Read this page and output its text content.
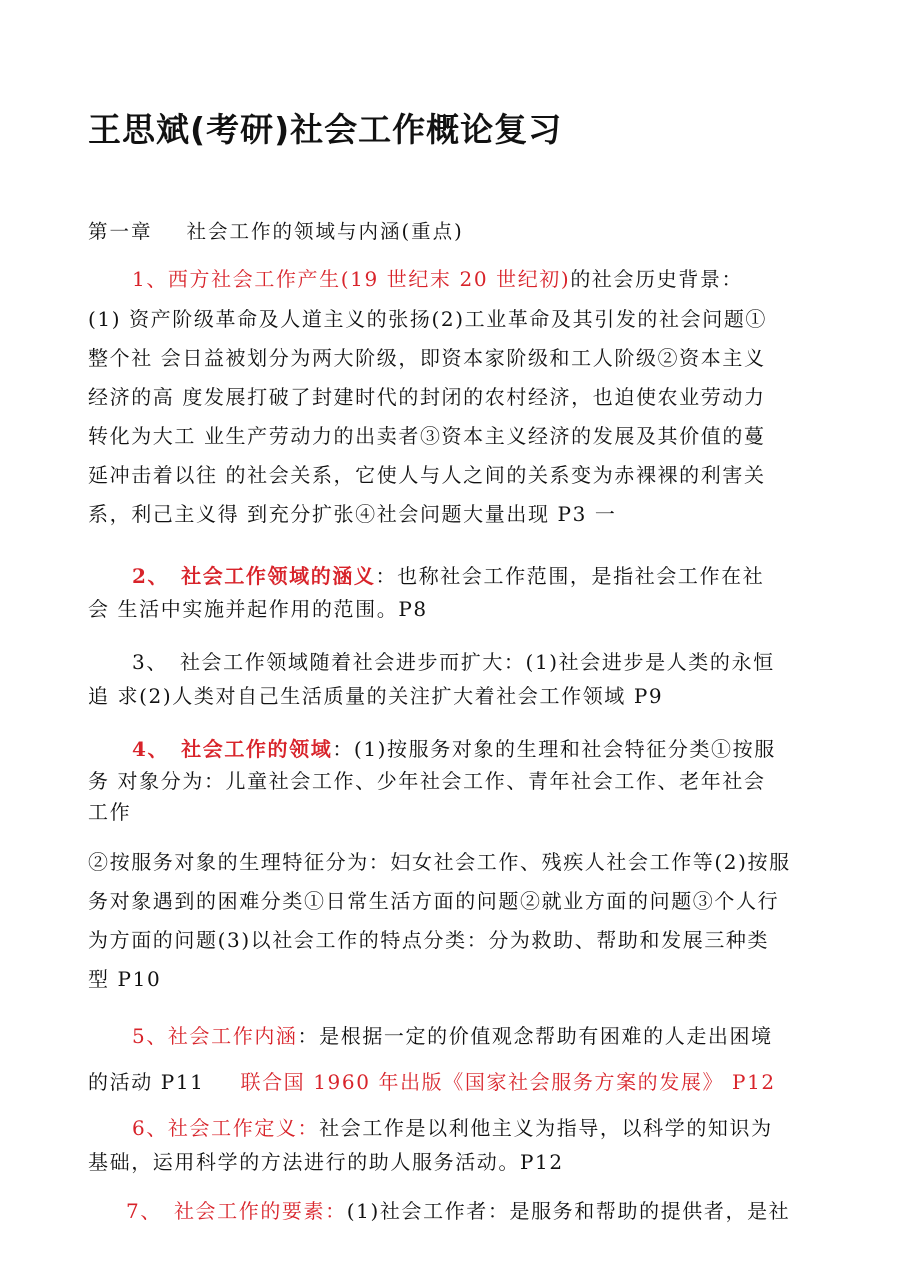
王思斌(考研)社会工作概论复习
第一章 社会工作的领域与内涵(重点)
1、西方社会工作产生(19 世纪末 20 世纪初)的社会历史背景：
(1) 资产阶级革命及人道主义的张扬(2)工业革命及其引发的社会问题①
整个社 会日益被划分为两大阶级，即资本家阶级和工人阶级②资本主义
经济的高 度发展打破了封建时代的封闭的农村经济，也迫使农业劳动力
转化为大工 业生产劳动力的出卖者③资本主义经济的发展及其价值的蔓
延冲击着以往 的社会关系，它使人与人之间的关系变为赤裸裸的利害关
系，利己主义得 到充分扩张④社会问题大量出现 P3 一
2、 社会工作领域的涵义：也称社会工作范围，是指社会工作在社
会 生活中实施并起作用的范围。P8
3、 社会工作领域随着社会进步而扩大：(1)社会进步是人类的永恒
追 求(2)人类对自己生活质量的关注扩大着社会工作领域 P9
4、 社会工作的领域：(1)按服务对象的生理和社会特征分类①按服
务 对象分为：儿童社会工作、少年社会工作、青年社会工作、老年社会
工作
②按服务对象的生理特征分为：妇女社会工作、残疾人社会工作等(2)按服
务对象遇到的困难分类①日常生活方面的问题②就业方面的问题③个人行
为方面的问题(3)以社会工作的特点分类：分为救助、帮助和发展三种类
型 P10
5、社会工作内涵：是根据一定的价值观念帮助有困难的人走出困境
的活动 P11 联合国 1960 年出版《国家社会服务方案的发展》 P12
6、社会工作定义：社会工作是以利他主义为指导，以科学的知识为
基础，运用科学的方法进行的助人服务活动。P12
7、 社会工作的要素：(1)社会工作者：是服务和帮助的提供者，是社
